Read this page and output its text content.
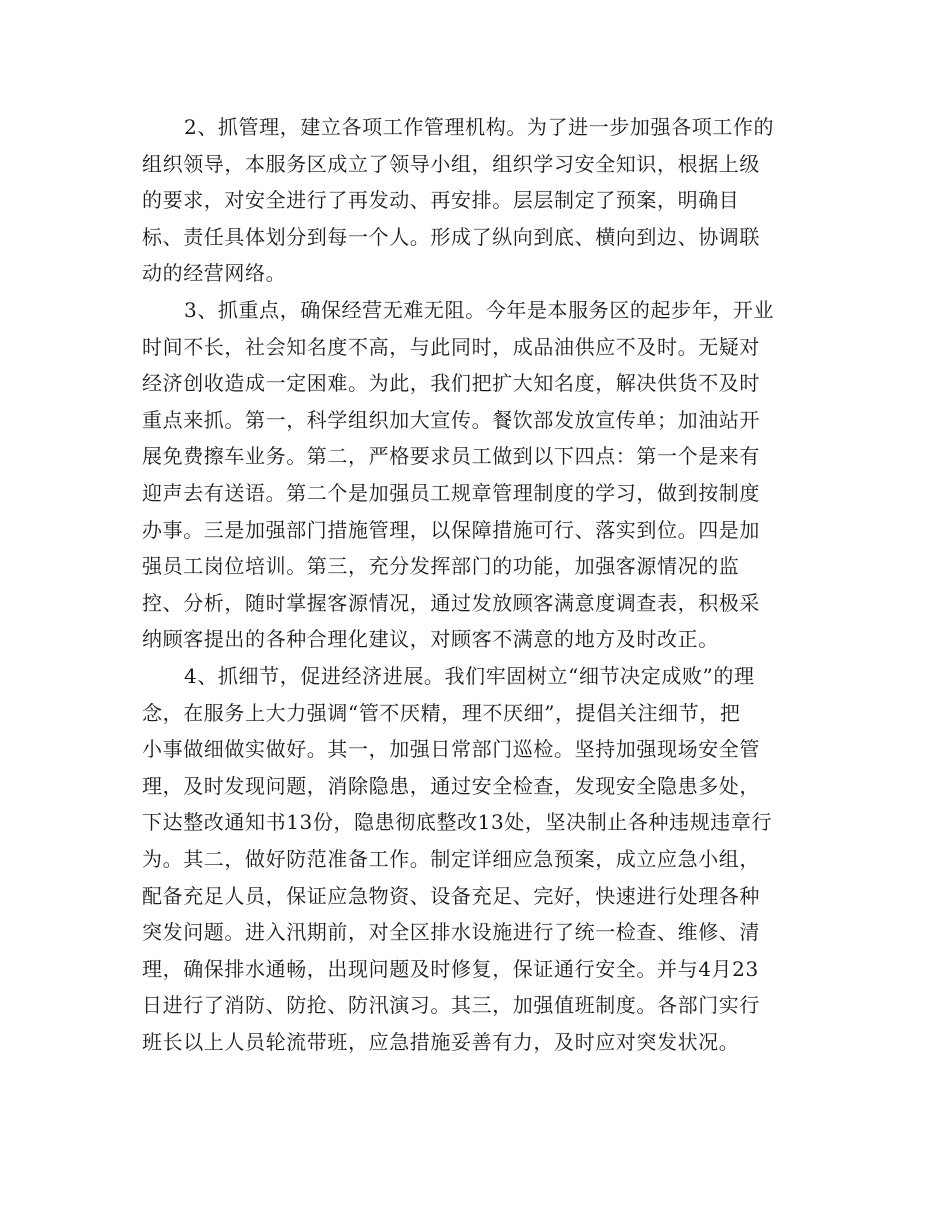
2、抓管理，建立各项工作管理机构。为了进一步加强各项工作的
组织领导，本服务区成立了领导小组，组织学习安全知识，根据上级
的要求，对安全进行了再发动、再安排。层层制定了预案，明确目
标、责任具体划分到每一个人。形成了纵向到底、横向到边、协调联
动的经营网络。
3、抓重点，确保经营无难无阻。今年是本服务区的起步年，开业
时间不长，社会知名度不高，与此同时，成品油供应不及时。无疑对
经济创收造成一定困难。为此，我们把扩大知名度，解决供货不及时
重点来抓。第一，科学组织加大宣传。餐饮部发放宣传单；加油站开
展免费擦车业务。第二，严格要求员工做到以下四点：第一个是来有
迎声去有送语。第二个是加强员工规章管理制度的学习，做到按制度
办事。三是加强部门措施管理，以保障措施可行、落实到位。四是加
强员工岗位培训。第三，充分发挥部门的功能，加强客源情况的监
控、分析，随时掌握客源情况，通过发放顾客满意度调查表，积极采
纳顾客提出的各种合理化建议，对顾客不满意的地方及时改正。
4、抓细节，促进经济进展。我们牢固树立“细节决定成败”的理
念，在服务上大力强调“管不厌精，理不厌细”，提倡关注细节，把
小事做细做实做好。其一，加强日常部门巡检。坚持加强现场安全管
理，及时发现问题，消除隐患，通过安全检查，发现安全隐患多处，
下达整改通知书13份，隐患彻底整改13处，坚决制止各种违规违章行
为。其二，做好防范准备工作。制定详细应急预案，成立应急小组，
配备充足人员，保证应急物资、设备充足、完好，快速进行处理各种
突发问题。进入汛期前，对全区排水设施进行了统一检查、维修、清
理，确保排水通畅，出现问题及时修复，保证通行安全。并与4月23
日进行了消防、防抢、防汛演习。其三，加强值班制度。各部门实行
班长以上人员轮流带班，应急措施妥善有力，及时应对突发状况。
